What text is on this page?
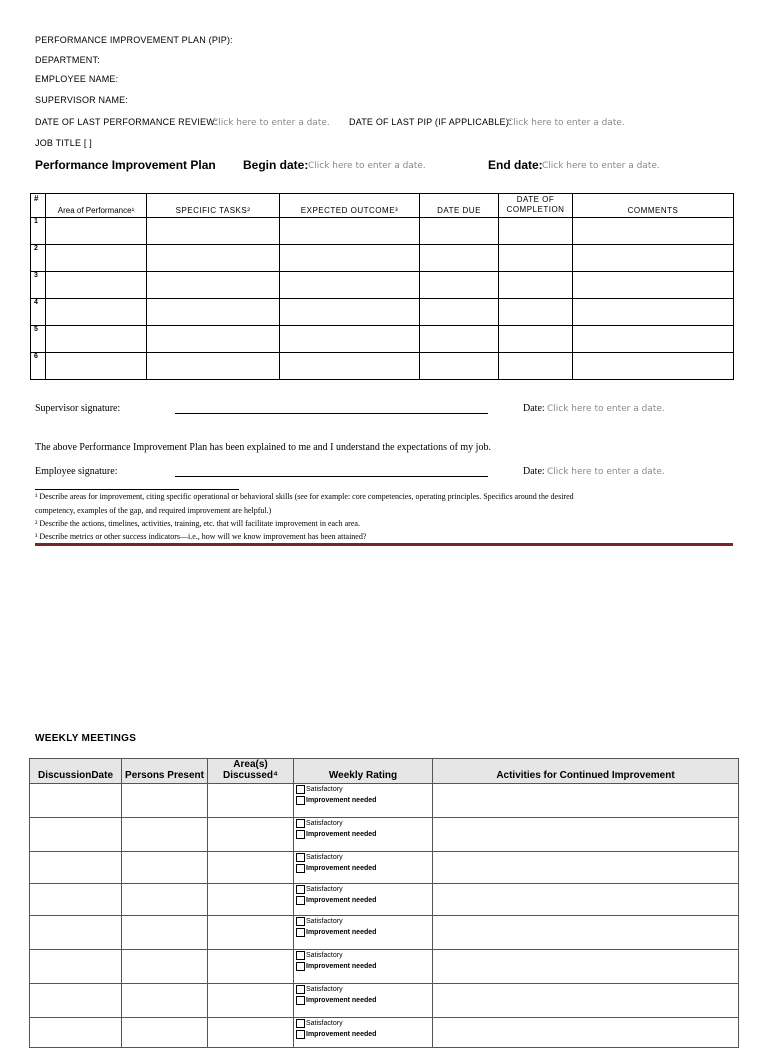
PERFORMANCE IMPROVEMENT PLAN (PIP):
DEPARTMENT:
EMPLOYEE NAME:
SUPERVISOR NAME:
DATE OF LAST PERFORMANCE REVIEW:
Click here to enter a date. DATE OF LAST PIP (IF APPLICABLE):
Click here to enter a date.
JOB TITLE [ ]
Performance Improvement Plan Begin date: Click here to enter a date.	End date: Click here to enter a date.
#	Area of Performance¹	SPECIFIC TASKS²	EXPECTED OUTCOME³	DATE DUE	DATE OF COMPLETION	COMMENTS
1						
2						
3						
4						
5						
6						
Supervisor signature:	Date: Click here to enter a date.
The above Performance Improvement Plan has been explained to me and I understand the expectations of my job.
Employee signature:	Date: Click here to enter a date.
¹ Describe areas for improvement, citing specific operational or behavioral skills (see for example: core competencies, operating principles. Specifics around the desired
competency, examples of the gap, and required improvement are helpful.)
² Describe the actions, timelines, activities, training, etc. that will facilitate improvement in each area.
³ Describe metrics or other success indicators—i.e., how will we know improvement has been attained?
WEEKLY MEETINGS
DiscussionDate	Persons Present	Area(s) Discussed⁴	Weekly Rating	Activities for Continued Improvement

			Satisfactory
Improvement needed	

			Satisfactory
Improvement needed	

			Satisfactory
Improvement needed	

			Satisfactory
Improvement needed	

			Satisfactory
Improvement needed	

			Satisfactory
Improvement needed	

			Satisfactory
Improvement needed	

			Satisfactory
Improvement needed	
